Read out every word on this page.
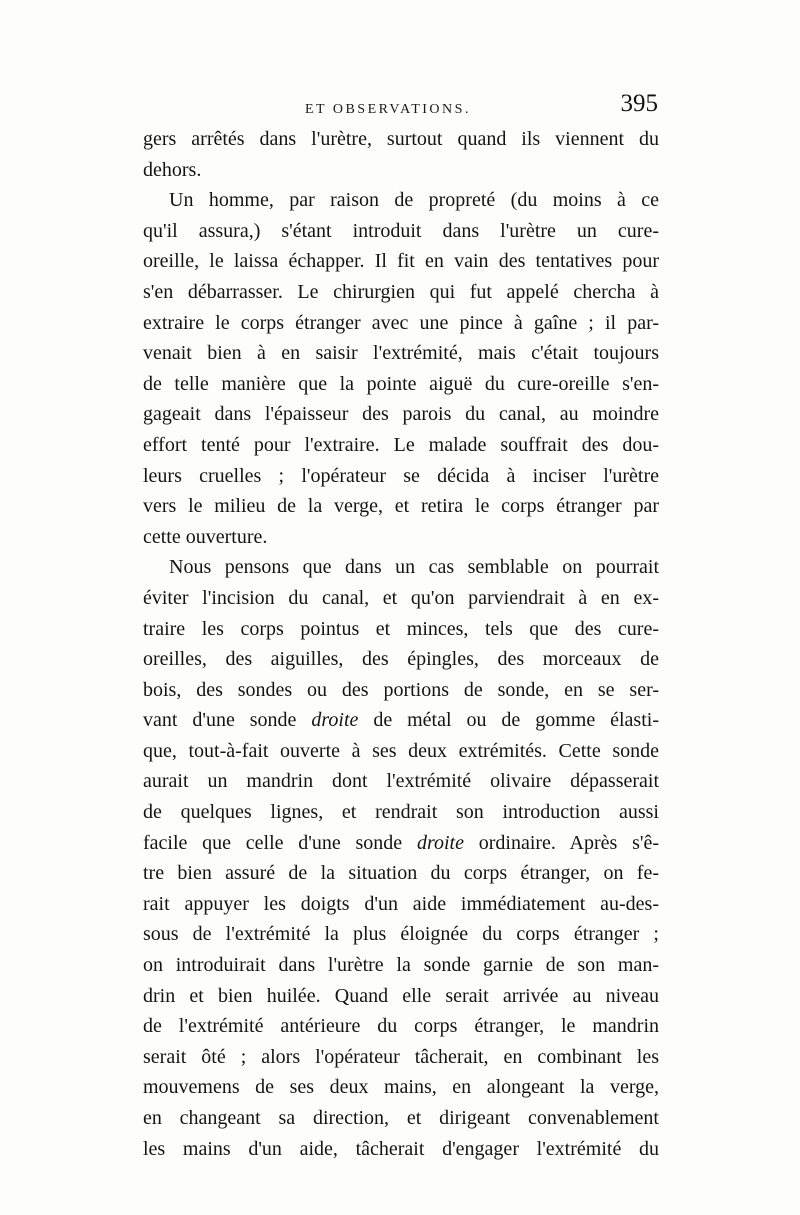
ET OBSERVATIONS.	395
gers arrêtés dans l'urètre, surtout quand ils viennent du
dehors.
Un homme, par raison de propreté (du moins à ce
qu'il assura,) s'étant introduit dans l'urètre un cure-
oreille, le laissa échapper. Il fit en vain des tentatives pour
s'en débarrasser. Le chirurgien qui fut appelé chercha à
extraire le corps étranger avec une pince à gaîne ; il par-
venait bien à en saisir l'extrémité, mais c'était toujours
de telle manière que la pointe aiguë du cure-oreille s'en-
gageait dans l'épaisseur des parois du canal, au moindre
effort tenté pour l'extraire. Le malade souffrait des dou-
leurs cruelles ; l'opérateur se décida à inciser l'urètre
vers le milieu de la verge, et retira le corps étranger par
cette ouverture.
Nous pensons que dans un cas semblable on pourrait
éviter l'incision du canal, et qu'on parviendrait à en ex-
traire les corps pointus et minces, tels que des cure-
oreilles, des aiguilles, des épingles, des morceaux de
bois, des sondes ou des portions de sonde, en se ser-
vant d'une sonde droite de métal ou de gomme élasti-
que, tout-à-fait ouverte à ses deux extrémités. Cette sonde
aurait un mandrin dont l'extrémité olivaire dépasserait
de quelques lignes, et rendrait son introduction aussi
facile que celle d'une sonde droite ordinaire. Après s'ê-
tre bien assuré de la situation du corps étranger, on fe-
rait appuyer les doigts d'un aide immédiatement au-des-
sous de l'extrémité la plus éloignée du corps étranger ;
on introduirait dans l'urètre la sonde garnie de son man-
drin et bien huilée. Quand elle serait arrivée au niveau
de l'extrémité antérieure du corps étranger, le mandrin
serait ôté ; alors l'opérateur tâcherait, en combinant les
mouvemens de ses deux mains, en alongeant la verge,
en changeant sa direction, et dirigeant convenablement
les mains d'un aide, tâcherait d'engager l'extrémité du
